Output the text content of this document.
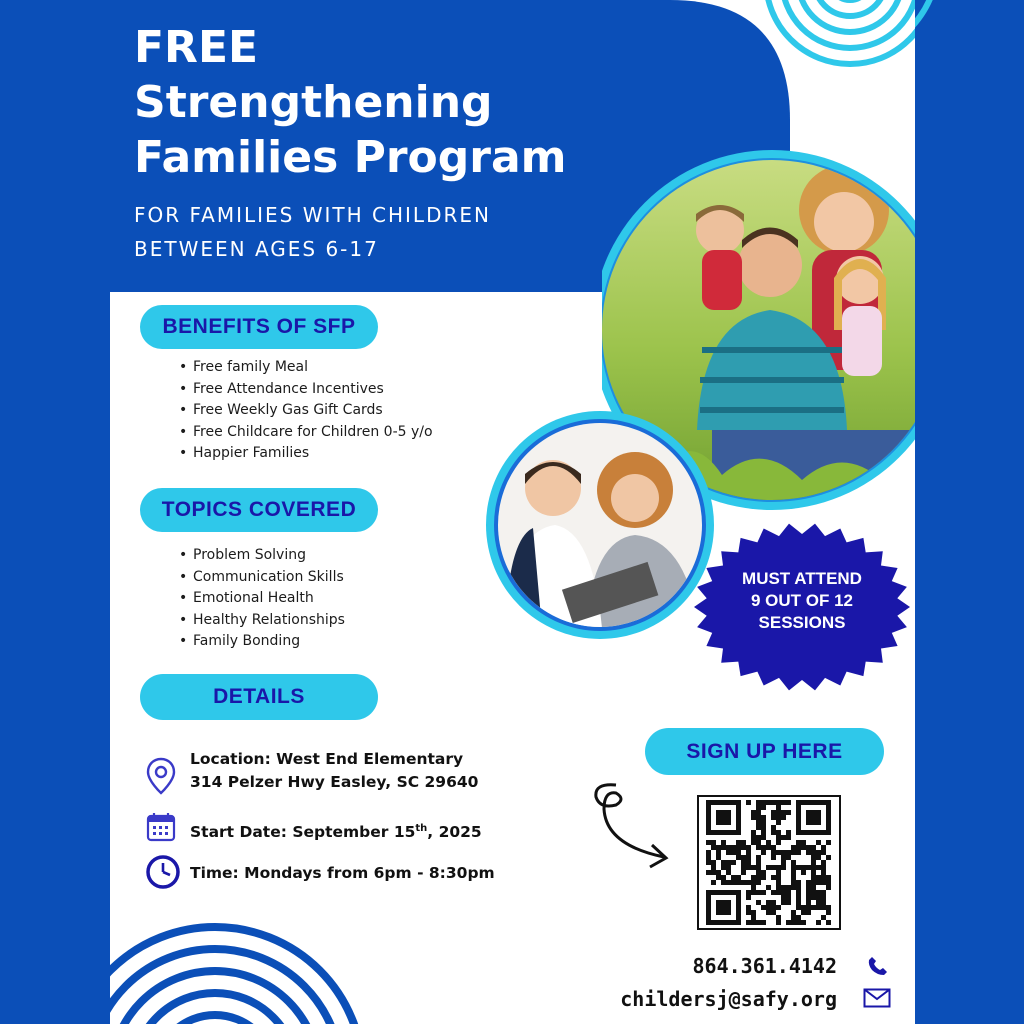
FREE
Strengthening
Families Program
FOR FAMILIES WITH CHILDREN
BETWEEN AGES 6-17
BENEFITS OF SFP
• Free family Meal
• Free Attendance Incentives
• Free Weekly Gas Gift Cards
• Free Childcare for Children 0-5 y/o
• Happier Families
TOPICS COVERED
• Problem Solving
• Communication Skills
• Emotional Health
• Healthy Relationships
• Family Bonding
DETAILS
Location: West End Elementary
314 Pelzer Hwy Easley, SC 29640
Start Date: September 15th, 2025
Time: Mondays from 6pm - 8:30pm
MUST ATTEND
9 OUT OF 12
SESSIONS
SIGN UP HERE
864.361.4142
childersj@safy.org
